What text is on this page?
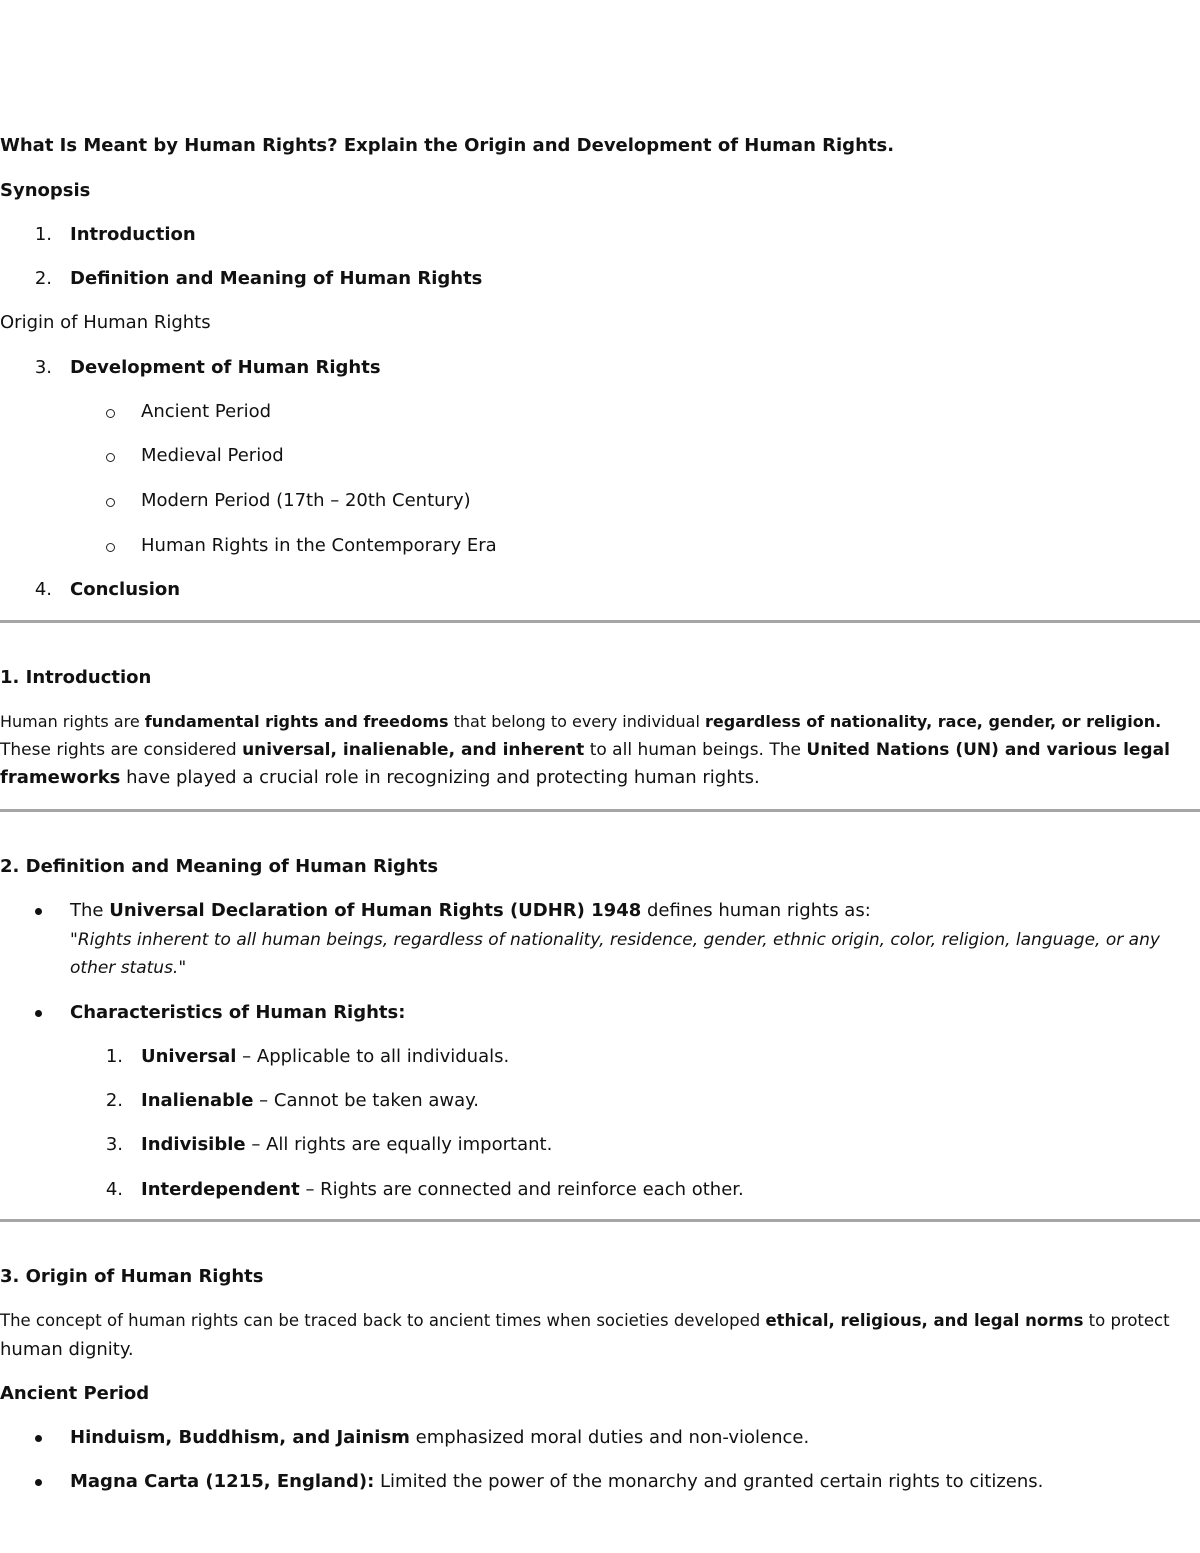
What Is Meant by Human Rights? Explain the Origin and Development of Human Rights.
Synopsis
1. Introduction
2. Definition and Meaning of Human Rights
Origin of Human Rights
3. Development of Human Rights
Ancient Period
Medieval Period
Modern Period (17th – 20th Century)
Human Rights in the Contemporary Era
4. Conclusion
1. Introduction
Human rights are fundamental rights and freedoms that belong to every individual regardless of nationality, race, gender, or religion.
These rights are considered universal, inalienable, and inherent to all human beings. The United Nations (UN) and various legal
frameworks have played a crucial role in recognizing and protecting human rights.
2. Definition and Meaning of Human Rights
The Universal Declaration of Human Rights (UDHR) 1948 defines human rights as:
"Rights inherent to all human beings, regardless of nationality, residence, gender, ethnic origin, color, religion, language, or any
other status."
Characteristics of Human Rights:
1. Universal – Applicable to all individuals.
2. Inalienable – Cannot be taken away.
3. Indivisible – All rights are equally important.
4. Interdependent – Rights are connected and reinforce each other.
3. Origin of Human Rights
The concept of human rights can be traced back to ancient times when societies developed ethical, religious, and legal norms to protect
human dignity.
Ancient Period
Hinduism, Buddhism, and Jainism emphasized moral duties and non-violence.
Magna Carta (1215, England): Limited the power of the monarchy and granted certain rights to citizens.
